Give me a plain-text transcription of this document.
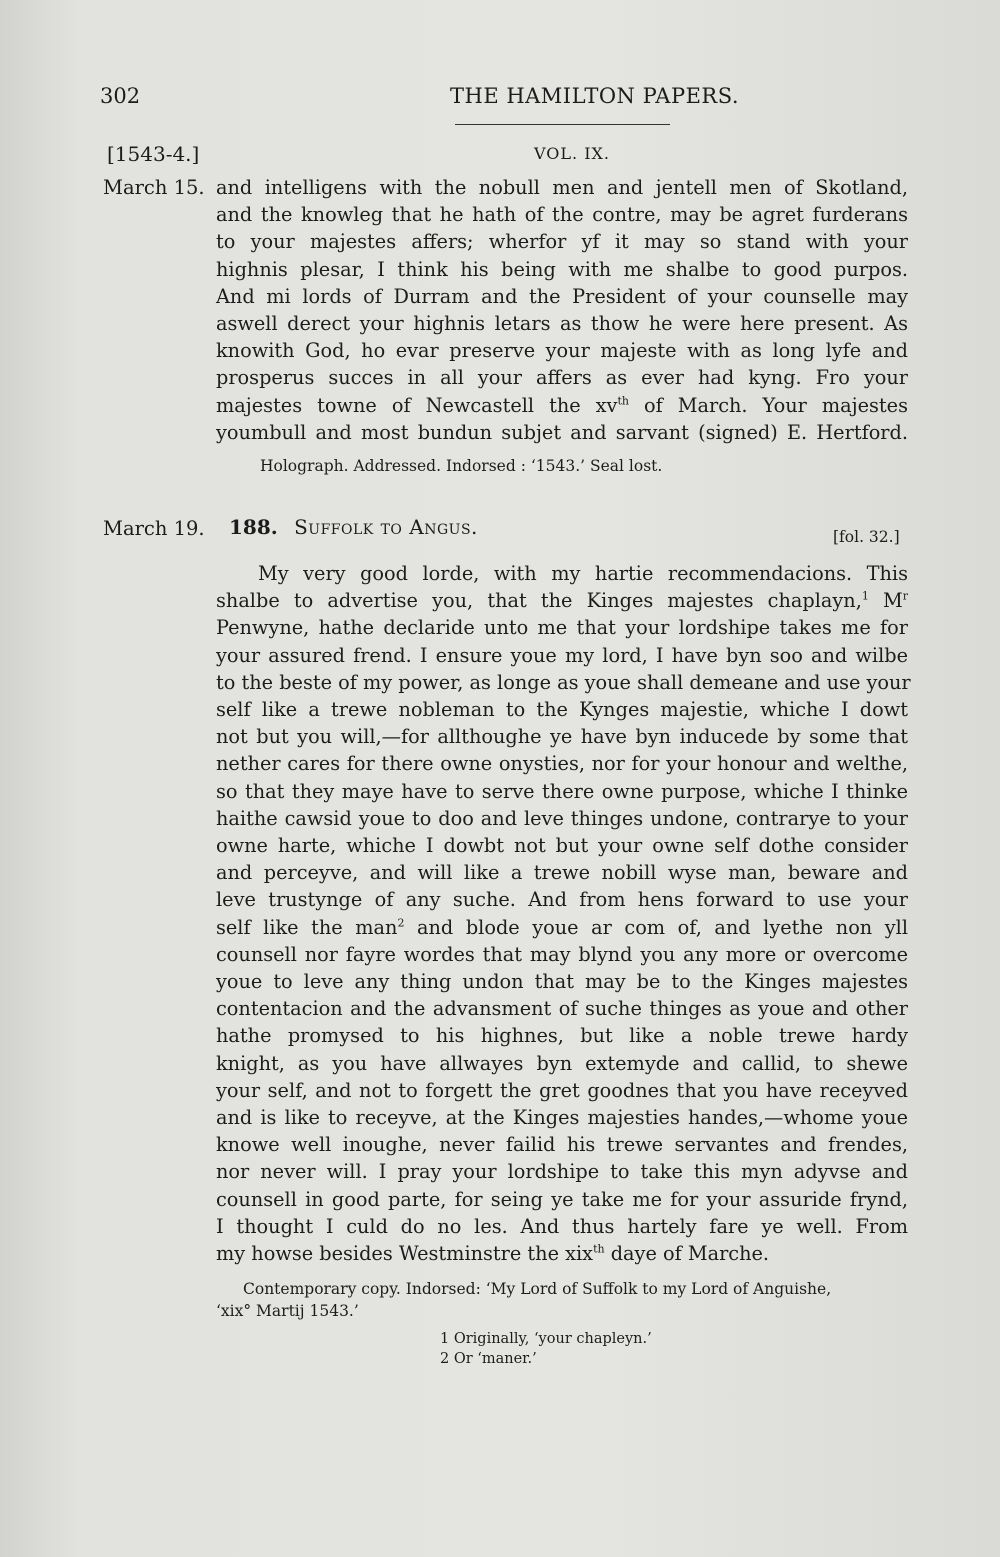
302	THE HAMILTON PAPERS.
[1543-4.]	VOL. IX.
March 15. and intelligens with the nobull men and jentell men of Skotland,
and the knowleg that he hath of the contre, may be agret furderans
to your majestes affers; wherfor yf it may so stand with your
highnis plesar, I think his being with me shalbe to good purpos.
And mi lords of Durram and the President of your counselle may
aswell derect your highnis letars as thow he were here present. As
knowith God, ho evar preserve your majeste with as long lyfe and
prosperus succes in all your affers as ever had kyng. Fro your
majestes towne of Newcastell the $xv^{th}$ of March. Your majestes
youmbull and most bundun subjet and sarvant (signed) E. Hertford.
Holograph. Addressed. Indorsed : ‘1543.’ Seal lost.
March 19. 188. Suffolk to Angus.	[fol. 32.]
My very good lorde, with my hartie recommendacions. This
shalbe to advertise you, that the Kinges majestes chaplayn,$^1$ $M^r$
Penwyne, hathe declaride unto me that your lordshipe takes me for
your assured frend. I ensure youe my lord, I have byn soo and wilbe
to the beste of my power, as longe as youe shall demeane and use your
self like a trewe nobleman to the Kynges majestie, whiche I dowt
not but you will,—for allthoughe ye have byn inducede by some that
nether cares for there owne onysties, nor for your honour and welthe,
so that they maye have to serve there owne purpose, whiche I thinke
haithe cawsid youe to doo and leve thinges undone, contrarye to your
owne harte, whiche I dowbt not but your owne self dothe consider
and perceyve, and will like a trewe nobill wyse man, beware and
leve trustynge of any suche. And from hens forward to use your
self like the man$^2$ and blode youe ar com of, and lyethe non yll
counsell nor fayre wordes that may blynd you any more or overcome
youe to leve any thing undon that may be to the Kinges majestes
contentacion and the advansment of suche thinges as youe and other
hathe promysed to his highnes, but like a noble trewe hardy
knight, as you have allwayes byn extemyde and callid, to shewe
your self, and not to forgett the gret goodnes that you have receyved
and is like to receyve, at the Kinges majesties handes,—whome youe
knowe well inoughe, never failid his trewe servantes and frendes,
nor never will. I pray your lordshipe to take this myn adyvse and
counsell in good parte, for seing ye take me for your assuride frynd,
I thought I culd do no les. And thus hartely fare ye well. From
my howse besides Westminstre the xix$^{th}$ daye of Marche.
Contemporary copy. Indorsed: ‘My Lord of Suffolk to my Lord of Anguishe,
‘xix° Martij 1543.’
1 Originally, ‘your chapleyn.’
2 Or ‘maner.’
